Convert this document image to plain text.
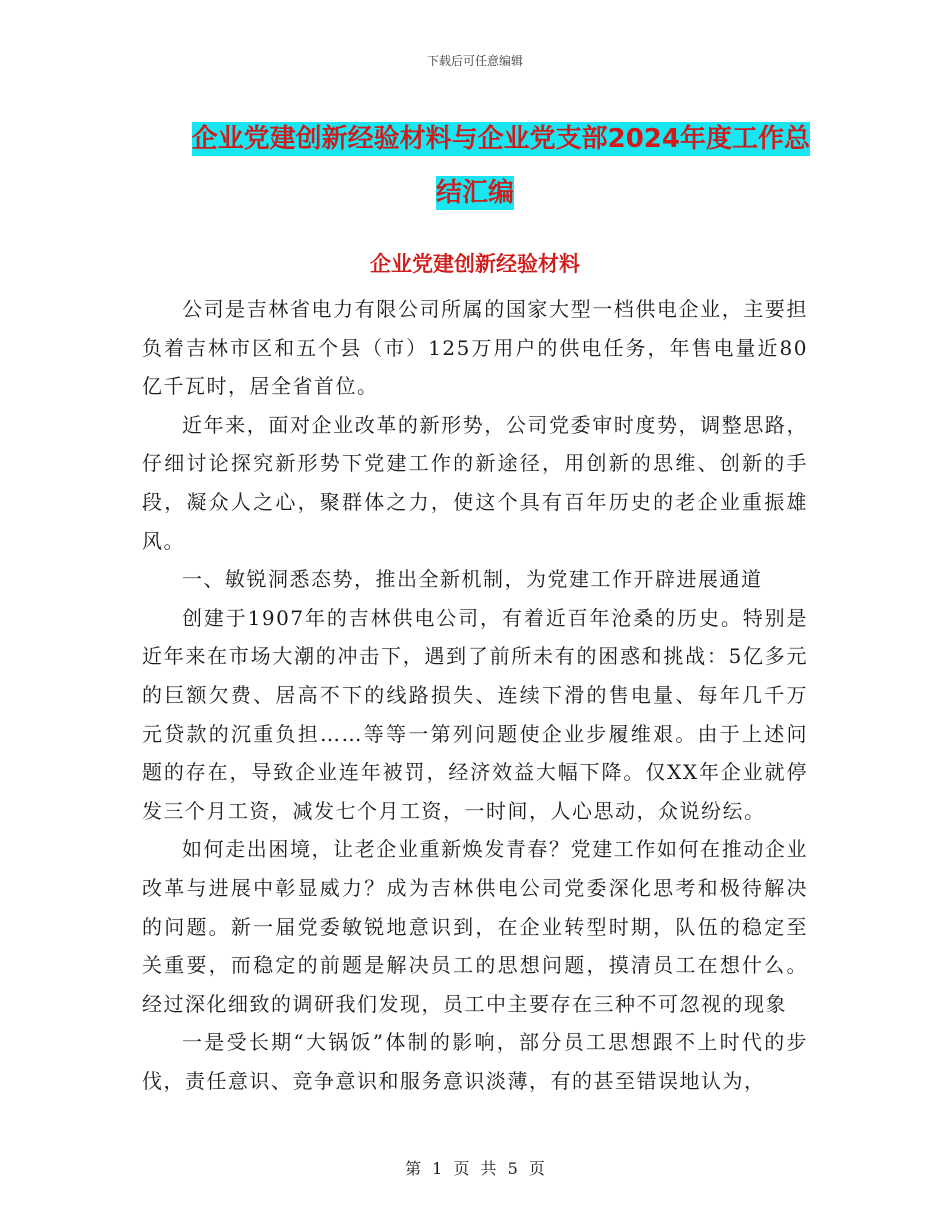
下载后可任意编辑
企业党建创新经验材料与企业党支部2024年度工作总
结汇编
企业党建创新经验材料

公司是吉林省电力有限公司所属的国家大型一档供电企业，主要担负着吉林市区和五个县（市）125万用户的供电任务，年售电量近80亿千瓦时，居全省首位。

近年来，面对企业改革的新形势，公司党委审时度势，调整思路，仔细讨论探究新形势下党建工作的新途径，用创新的思维、创新的手段，凝众人之心，聚群体之力，使这个具有百年历史的老企业重振雄风。

一、敏锐洞悉态势，推出全新机制，为党建工作开辟进展通道

创建于1907年的吉林供电公司，有着近百年沧桑的历史。特别是近年来在市场大潮的冲击下，遇到了前所未有的困惑和挑战：5亿多元的巨额欠费、居高不下的线路损失、连续下滑的售电量、每年几千万元贷款的沉重负担……等等一第列问题使企业步履维艰。由于上述问题的存在，导致企业连年被罚，经济效益大幅下降。仅XX年企业就停发三个月工资，减发七个月工资，一时间，人心思动，众说纷纭。

如何走出困境，让老企业重新焕发青春？党建工作如何在推动企业改革与进展中彰显威力？成为吉林供电公司党委深化思考和极待解决的问题。新一届党委敏锐地意识到，在企业转型时期，队伍的稳定至关重要，而稳定的前题是解决员工的思想问题，摸清员工在想什么。经过深化细致的调研我们发现，员工中主要存在三种不可忽视的现象

一是受长期“大锅饭”体制的影响，部分员工思想跟不上时代的步伐，责任意识、竞争意识和服务意识淡薄，有的甚至错误地认为，

第 1 页 共 5 页
